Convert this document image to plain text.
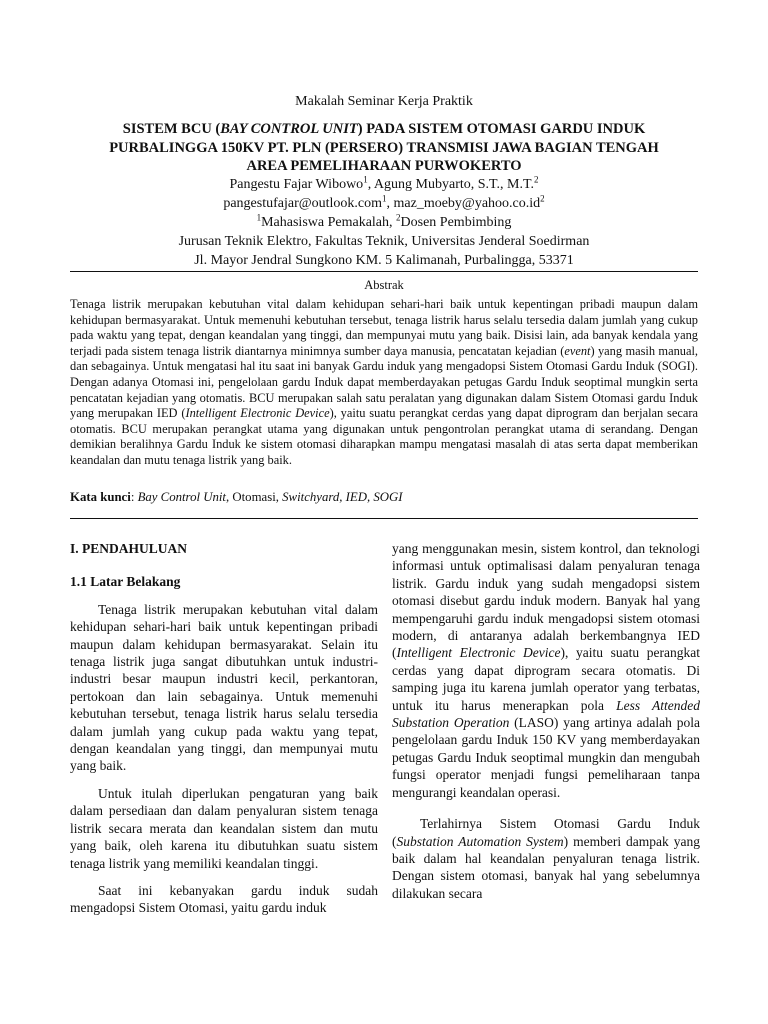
Makalah Seminar Kerja Praktik
SISTEM BCU (BAY CONTROL UNIT) PADA SISTEM OTOMASI GARDU INDUK
PURBALINGGA 150KV PT. PLN (PERSERO) TRANSMISI JAWA BAGIAN TENGAH
AREA PEMELIHARAAN PURWOKERTO
Pangestu Fajar Wibowo$^1$, Agung Mubyarto, S.T., M.T.$^2$
pangestufajar@outlook.com$^1$, $maz\_moeby@yahoo.co.id^2$
$^1$Mahasiswa Pemakalah, $^2$Dosen Pembimbing
Jurusan Teknik Elektro, Fakultas Teknik, Universitas Jenderal Soedirman
Jl. Mayor Jendral Sungkono KM. 5 Kalimanah, Purbalingga, 53371
Abstrak
Tenaga listrik merupakan kebutuhan vital dalam kehidupan sehari-hari baik untuk kepentingan pribadi maupun dalam kehidupan bermasyarakat. Untuk memenuhi kebutuhan tersebut, tenaga listrik harus selalu tersedia dalam jumlah yang cukup pada waktu yang tepat, dengan keandalan yang tinggi, dan mempunyai mutu yang baik. Disisi lain, ada banyak kendala yang terjadi pada sistem tenaga listrik diantarnya minimnya sumber daya manusia, pencatatan kejadian (event) yang masih manual, dan sebagainya. Untuk mengatasi hal itu saat ini banyak Gardu induk yang mengadopsi Sistem Otomasi Gardu Induk (SOGI). Dengan adanya Otomasi ini, pengelolaan gardu Induk dapat memberdayakan petugas Gardu Induk seoptimal mungkin serta pencatatan kejadian yang otomatis. BCU merupakan salah satu peralatan yang digunakan dalam Sistem Otomasi gardu Induk yang merupakan IED (Intelligent Electronic Device), yaitu suatu perangkat cerdas yang dapat diprogram dan berjalan secara otomatis. BCU merupakan perangkat utama yang digunakan untuk pengontrolan perangkat utama di serandang. Dengan demikian beralihnya Gardu Induk ke sistem otomasi diharapkan mampu mengatasi masalah di atas serta dapat memberikan keandalan dan mutu tenaga listrik yang baik.
Kata kunci: Bay Control Unit, Otomasi, Switchyard, IED, SOGI
I. PENDAHULUAN
1.1 Latar Belakang

Tenaga listrik merupakan kebutuhan vital dalam kehidupan sehari-hari baik untuk kepentingan pribadi maupun dalam kehidupan bermasyarakat. Selain itu tenaga listrik juga sangat dibutuhkan untuk industri-industri besar maupun industri kecil, perkantoran, pertokoan dan lain sebagainya. Untuk memenuhi kebutuhan tersebut, tenaga listrik harus selalu tersedia dalam jumlah yang cukup pada waktu yang tepat, dengan keandalan yang tinggi, dan mempunyai mutu yang baik.

Untuk itulah diperlukan pengaturan yang baik dalam persediaan dan dalam penyaluran sistem tenaga listrik secara merata dan keandalan sistem dan mutu yang baik, oleh karena itu dibutuhkan suatu sistem tenaga listrik yang memiliki keandalan tinggi.

Saat ini kebanyakan gardu induk sudah mengadopsi Sistem Otomasi, yaitu gardu induk

yang menggunakan mesin, sistem kontrol, dan teknologi informasi untuk optimalisasi dalam penyaluran tenaga listrik. Gardu induk yang sudah mengadopsi sistem otomasi disebut gardu induk modern. Banyak hal yang mempengaruhi gardu induk mengadopsi sistem otomasi modern, di antaranya adalah berkembangnya IED (Intelligent Electronic Device), yaitu suatu perangkat cerdas yang dapat diprogram secara otomatis. Di samping juga itu karena jumlah operator yang terbatas, untuk itu harus menerapkan pola Less Attended Substation Operation (LASO) yang artinya adalah pola pengelolaan gardu Induk 150 KV yang memberdayakan petugas Gardu Induk seoptimal mungkin dan mengubah fungsi operator menjadi fungsi pemeliharaan tanpa mengurangi keandalan operasi.

Terlahirnya Sistem Otomasi Gardu Induk (Substation Automation System) memberi dampak yang baik dalam hal keandalan penyaluran tenaga listrik. Dengan sistem otomasi, banyak hal yang sebelumnya dilakukan secara
